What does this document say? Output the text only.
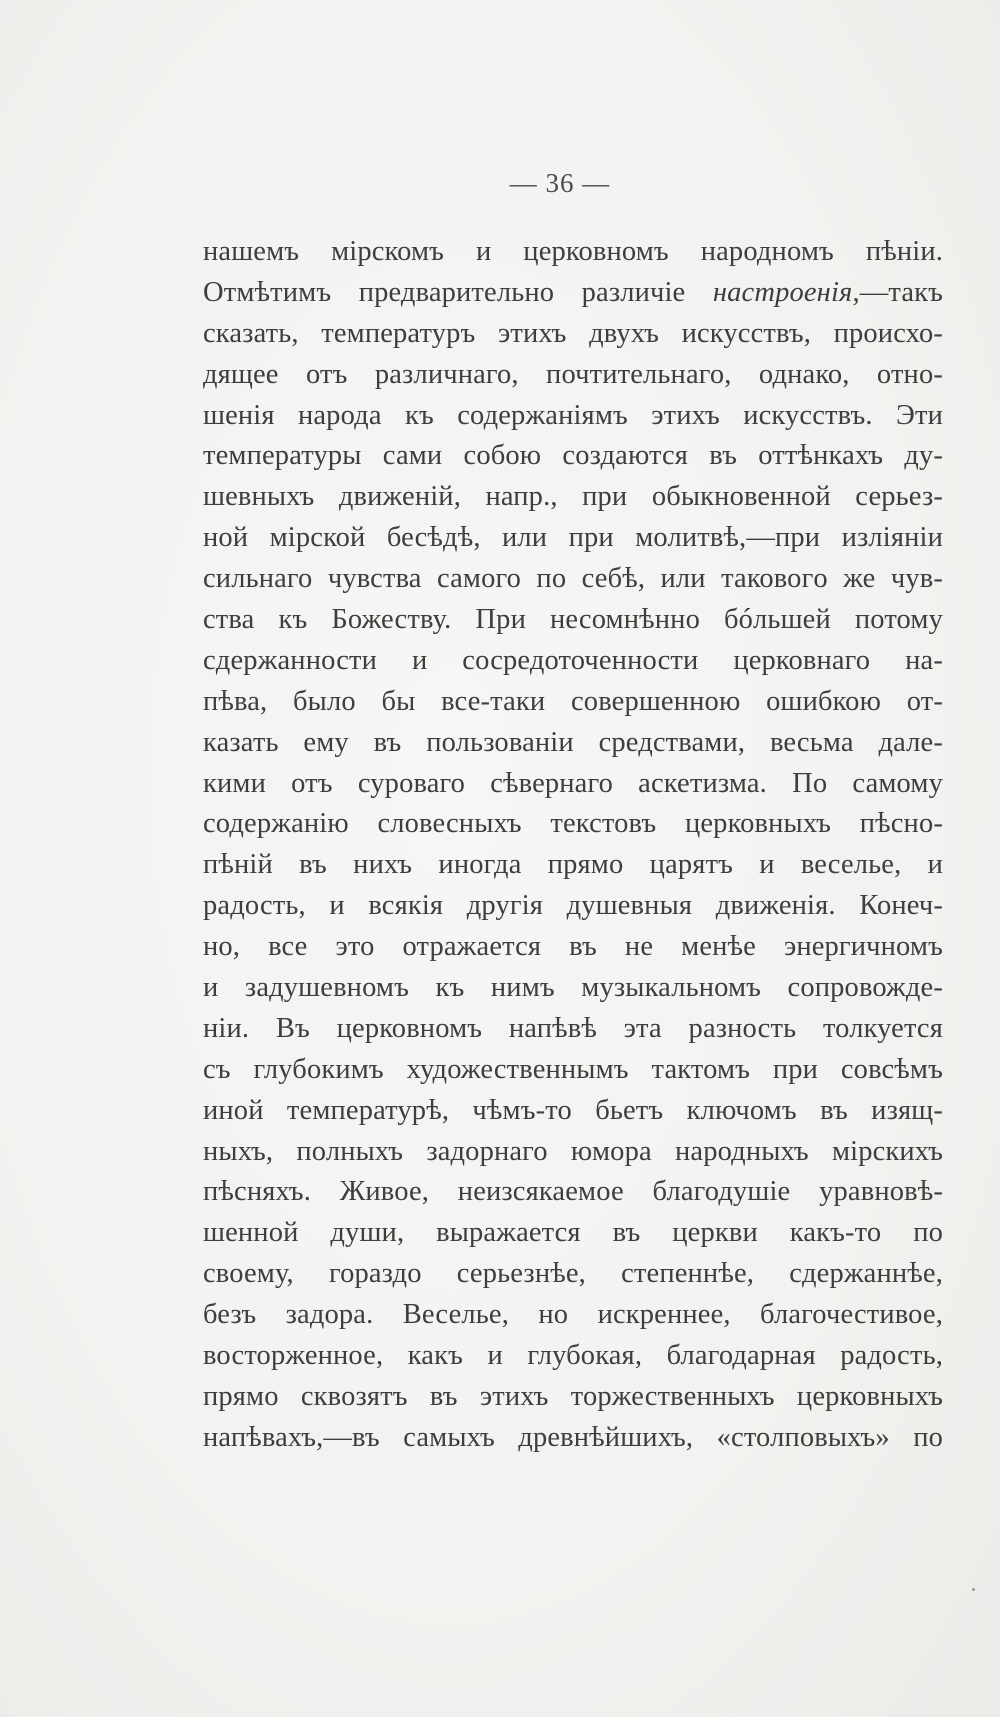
— 36 —
нашемъ мірскомъ и церковномъ народномъ пѣніи.
Отмѣтимъ предварительно различіе настроенія,—такъ
сказать, температуръ этихъ двухъ искусствъ, происхо-
дящее отъ различнаго, почтительнаго, однако, отно-
шенія народа къ содержаніямъ этихъ искусствъ. Эти
температуры сами собою создаются въ оттѣнкахъ ду-
шевныхъ движеній, напр., при обыкновенной серьез-
ной мірской бесѣдѣ, или при молитвѣ,—при изліяніи
сильнаго чувства самого по себѣ, или таковогo же чув-
ства къ Божеству. При несомнѣнно бóльшей потому
сдержанности и сосредоточенности церковнаго на-
пѣва, было бы все-таки совершенною ошибкою от-
казать ему въ пользованіи средствами, весьма дале-
кими отъ суроваго сѣвернаго аскетизма. По самому
содержанію словесныхъ текстовъ церковныхъ пѣсно-
пѣній въ нихъ иногда прямо царятъ и веселье, и
радость, и всякія другія душевныя движенія. Конеч-
но, все это отражается въ не менѣе энергичномъ
и задушевномъ къ нимъ музыкальномъ сопровожде-
ніи. Въ церковномъ напѣвѣ эта разность толкуется
съ глубокимъ художественнымъ тактомъ при совсѣмъ
иной температурѣ, чѣмъ-то бьетъ ключомъ въ изящ-
ныхъ, полныхъ задорнаго юмора народныхъ мірскихъ
пѣсняхъ. Живое, неизсякаемое благодушіе уравновѣ-
шенной души, выражается въ церкви какъ-то по
своему, гораздо серьезнѣе, степеннѣе, сдержаннѣе,
безъ задора. Веселье, но искреннее, благочестивое,
восторженное, какъ и глубокая, благодарная радость,
прямо сквозятъ въ этихъ торжественныхъ церковныхъ
напѣвахъ,—въ самыхъ древнѣйшихъ, «столповыхъ» по
